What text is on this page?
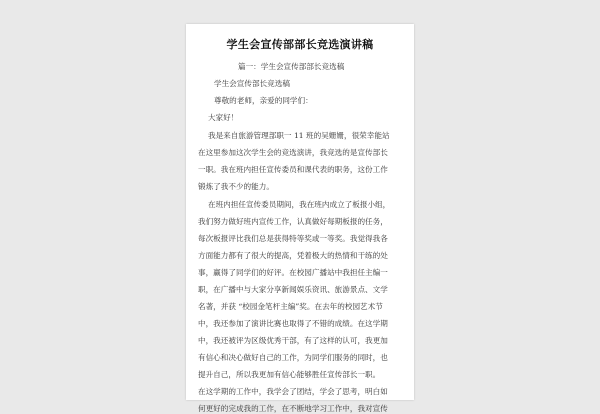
学生会宣传部部长竞选演讲稿
篇一：学生会宣传部部长竞选稿
学生会宣传部长竞选稿
尊敬的老师，亲爱的同学们：
大家好！
我是来自旅游管理部职一 11 班的吴姗姗，很荣幸能站
在这里参加这次学生会的竞选演讲，我竞选的是宣传部长
一职。我在班内担任宣传委员和课代表的职务，这份工作
锻炼了我不少的能力。
在班内担任宣传委员期间，我在班内成立了板报小组，
我们努力做好班内宣传工作，认真做好每期板报的任务，
每次板报评比我们总是获得特等奖或一等奖。我觉得我各
方面能力都有了很大的提高，凭着极大的热情和干练的处
事，赢得了同学们的好评。在校园广播站中我担任主编一
职，在广播中与大家分享新闻娱乐资讯、旅游景点、文学
名著，并获 “校园金笔杆主编”奖。在去年的校园艺术节
中，我还参加了演讲比赛也取得了不错的成绩。在这学期
中，我还被评为区级优秀干部，有了这样的认可，我更加
有信心和决心做好自己的工作，为同学们服务的同时，也
提升自己，所以我更加有信心能够胜任宣传部长一职。
在这学期的工作中，我学会了团结，学会了思考，明白如
何更好的完成我的工作，在不断地学习工作中，我对宣传
